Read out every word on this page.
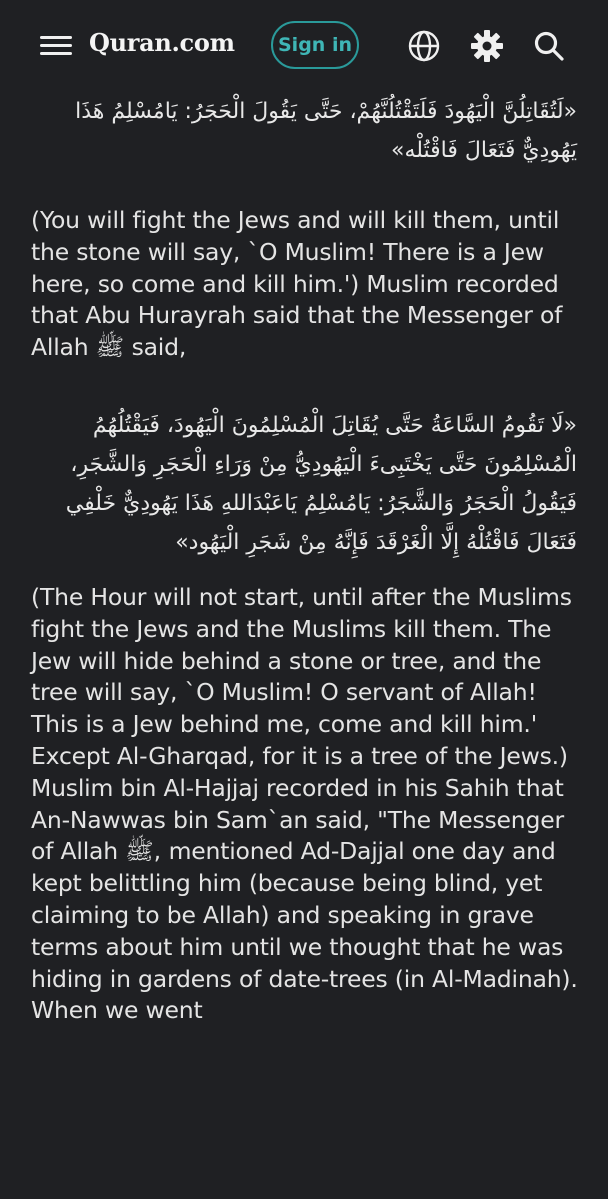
Quran.com	Sign in

«لَتُقَاتِلُنَّ الْيَهُودَ فَلَتَقْتُلُنَّهُمْ، حَتَّى يَقُولَ الْحَجَرُ: يَامُسْلِمُ هَذَا يَهُودِيٌّ فَتَعَالَ فَاقْتُلْه»

(You will fight the Jews and will kill them, until the stone will say, `O Muslim! There is a Jew here, so come and kill him.') Muslim recorded that Abu Hurayrah said that the Messenger of Allah ﷺ said,

«لَا تَقُومُ السَّاعَةُ حَتَّى يُقَاتِلَ الْمُسْلِمُونَ الْيَهُودَ، فَيَقْتُلُهُمُ الْمُسْلِمُونَ حَتَّى يَخْتَبِىءَ الْيَهُودِيُّ مِنْ وَرَاءِ الْحَجَرِ وَالشَّجَرِ، فَيَقُولُ الْحَجَرُ وَالشَّجَرُ: يَامُسْلِمُ يَاعَبْدَاللهِ هَذَا يَهُودِيٌّ خَلْفِي فَتَعَالَ فَاقْتُلْهُ إِلَّا الْغَرْقَدَ فَإِنَّهُ مِنْ شَجَرِ الْيَهُود»

(The Hour will not start, until after the Muslims fight the Jews and the Muslims kill them. The Jew will hide behind a stone or tree, and the tree will say, `O Muslim! O servant of Allah! This is a Jew behind me, come and kill him.' Except Al-Gharqad, for it is a tree of the Jews.) Muslim bin Al-Hajjaj recorded in his Sahih that An-Nawwas bin Sam`an said, "The Messenger of Allah ﷺ, mentioned Ad-Dajjal one day and kept belittling him (because being blind, yet claiming to be Allah) and speaking in grave terms about him until we thought that he was hiding in gardens of date-trees (in Al-Madinah). When we went
